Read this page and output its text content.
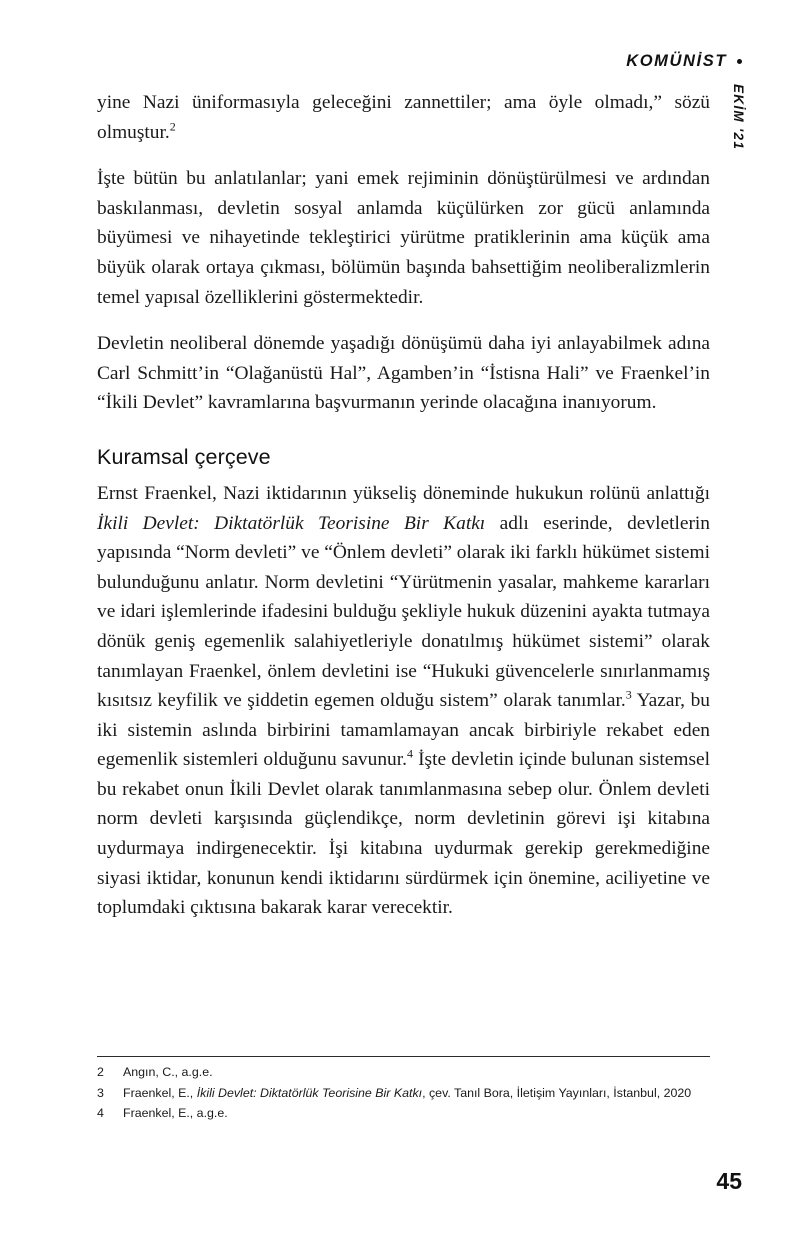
KOMÜNİST
EKİM '21

yine Nazi üniformasıyla geleceğini zannettiler; ama öyle olmadı,” sözü olmuştur.$^2$

İşte bütün bu anlatılanlar; yani emek rejiminin dönüştürülmesi ve ardından baskılanması, devletin sosyal anlamda küçülürken zor gücü anlamında büyümesi ve nihayetinde tekleştirici yürütme pratiklerinin ama küçük ama büyük olarak ortaya çıkması, bölümün başında bahsettiğim neoliberalizmlerin temel yapısal özelliklerini göstermektedir.

Devletin neoliberal dönemde yaşadığı dönüşümü daha iyi anlayabilmek adına Carl Schmitt’in “Olağanüstü Hal”, Agamben’in “İstisna Hali” ve Fraenkel’in “İkili Devlet” kavramlarına başvurmanın yerinde olacağına inanıyorum.

Kuramsal çerçeve

Ernst Fraenkel, Nazi iktidarının yükseliş döneminde hukukun rolünü anlattığı İkili Devlet: Diktatörlük Teorisine Bir Katkı adlı eserinde, devletlerin yapısında “Norm devleti” ve “Önlem devleti” olarak iki farklı hükümet sistemi bulunduğunu anlatır. Norm devletini “Yürütmenin yasalar, mahkeme kararları ve idari işlemlerinde ifadesini bulduğu şekliyle hukuk düzenini ayakta tutmaya dönük geniş egemenlik salahiyetleriyle donatılmış hükümet sistemi” olarak tanımlayan Fraenkel, önlem devletini ise “Hukuki güvencelerle sınırlanmamış kısıtsız keyfilik ve şiddetin egemen olduğu sistem” olarak tanımlar.$^3$ Yazar, bu iki sistemin aslında birbirini tamamlamayan ancak birbiriyle rekabet eden egemenlik sistemleri olduğunu savunur.$^4$ İşte devletin içinde bulunan sistemsel bu rekabet onun İkili Devlet olarak tanımlanmasına sebep olur. Önlem devleti norm devleti karşısında güçlendikçe, norm devletinin görevi işi kitabına uydurmaya indirgenecektir. İşi kitabına uydurmak gerekip gerekmediğine siyasi iktidar, konunun kendi iktidarını sürdürmek için önemine, aciliyetine ve toplumdaki çıktısına bakarak karar verecektir.

2	Angın, C., a.g.e.
3	Fraenkel, E., İkili Devlet: Diktatörlük Teorisine Bir Katkı, çev. Tanıl Bora, İletişim Yayınları, İstanbul, 2020
4	Fraenkel, E., a.g.e.
45
